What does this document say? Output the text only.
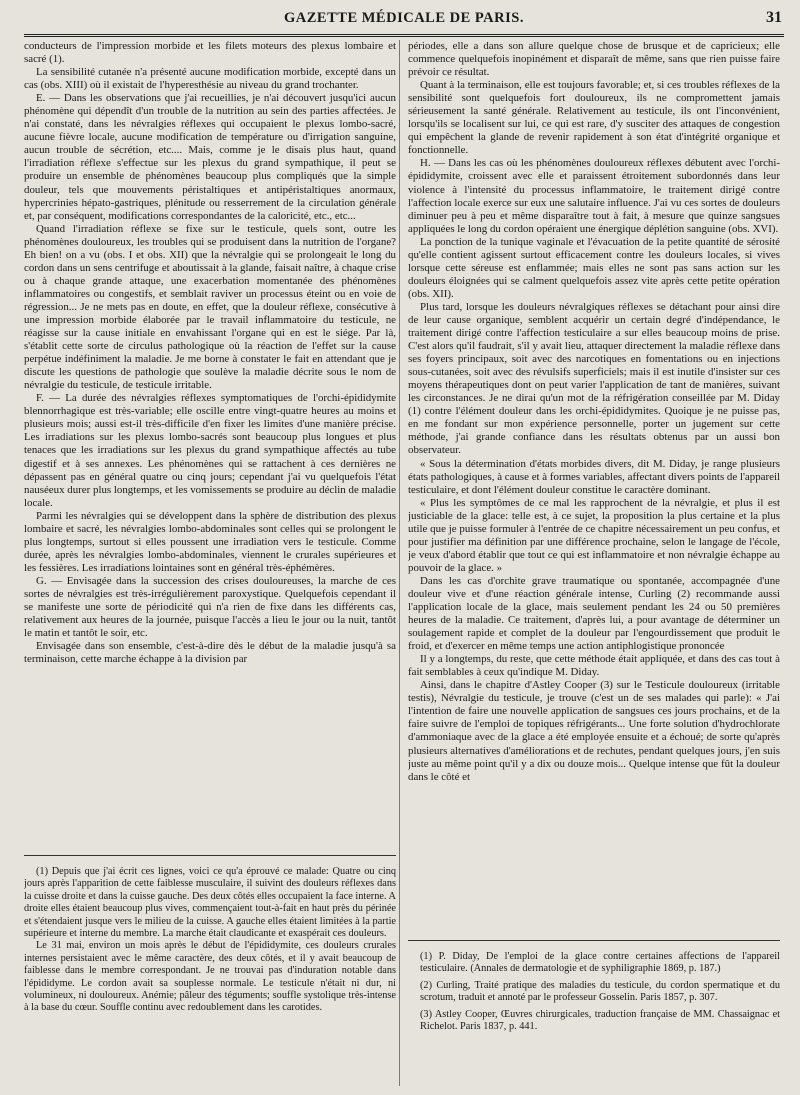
GAZETTE MÉDICALE DE PARIS.	31

conducteurs de l'impression morbide et les filets moteurs des plexus lombaire et sacré (1).

La sensibilité cutanée n'a présenté aucune modification morbide, excepté dans un cas (obs. XIII) où il existait de l'hyperesthésie au niveau du grand trochanter.

E. — Dans les observations que j'ai recueillies, je n'ai découvert jusqu'ici aucun phénomène qui dépendît d'un trouble de la nutrition au sein des parties affectées. Je n'ai constaté, dans les névralgies réflexes qui occupaient le plexus lombo-sacré, aucune fièvre locale, aucune modification de température ou d'irrigation sanguine, aucun trouble de sécrétion, etc.... Mais, comme je le disais plus haut, quand l'irradiation réflexe s'effectue sur les plexus du grand sympathique, il peut se produire un ensemble de phénomènes beaucoup plus compliqués que la simple douleur, tels que mouvements péristaltiques et antipéristaltiques anormaux, hypercrinies hépato-gastriques, plénitude ou resserrement de la circulation générale et, par conséquent, modifications correspondantes de la caloricité, etc., etc...

Quand l'irradiation réflexe se fixe sur le testicule, quels sont, outre les phénomènes douloureux, les troubles qui se produisent dans la nutrition de l'organe? Eh bien! on a vu (obs. I et obs. XII) que la névralgie qui se prolongeait le long du cordon dans un sens centrifuge et aboutissait à la glande, faisait naître, à chaque crise ou à chaque grande attaque, une exacerbation momentanée des phénomènes inflammatoires ou congestifs, et semblait raviver un processus éteint ou en voie de régression... Je ne mets pas en doute, en effet, que la douleur réflexe, consécutive à une impression morbide élaborée par le travail inflammatoire du testicule, ne réagisse sur la cause initiale en envahissant l'organe qui en est le siége. Par là, s'établit cette sorte de circulus pathologique où la réaction de l'effet sur la cause perpétue indéfiniment la maladie. Je me borne à constater le fait en attendant que je discute les questions de pathologie que soulève la maladie décrite sous le nom de névralgie du testicule, de testicule irritable.

F. — La durée des névralgies réflexes symptomatiques de l'orchi-épididymite blennorrhagique est très-variable; elle oscille entre vingt-quatre heures au moins et plusieurs mois; aussi est-il très-difficile d'en fixer les limites d'une manière précise. Les irradiations sur les plexus lombo-sacrés sont beaucoup plus longues et plus tenaces que les irradiations sur les plexus du grand sympathique affectés au tube digestif et à ses annexes. Les phénomènes qui se rattachent à ces dernières ne dépassent pas en général quatre ou cinq jours; cependant j'ai vu quelquefois l'état nauséeux durer plus longtemps, et les vomissements se produire au déclin de maladie locale.

Parmi les névralgies qui se développent dans la sphère de distribution des plexus lombaire et sacré, les névralgies lombo-abdominales sont celles qui se prolongent le plus longtemps, surtout si elles poussent une irradiation vers le testicule. Comme durée, après les névralgies lombo-abdominales, viennent le crurales supérieures et les fessières. Les irradiations lointaines sont en général très-éphémères.

G. — Envisagée dans la succession des crises douloureuses, la marche de ces sortes de névralgies est très-irrégulièrement paroxystique. Quelquefois cependant il se manifeste une sorte de périodicité qui n'a rien de fixe dans les différents cas, relativement aux heures de la journée, puisque l'accès a lieu le jour ou la nuit, tantôt le matin et tantôt le soir, etc.

Envisagée dans son ensemble, c'est-à-dire dès le début de la maladie jusqu'à sa terminaison, cette marche échappe à la division par

(1) Depuis que j'ai écrit ces lignes, voici ce qu'a éprouvé ce malade: Quatre ou cinq jours après l'apparition de cette faiblesse musculaire, il suivint des douleurs réflexes dans la cuisse droite et dans la cuisse gauche. Des deux côtés elles occupaient la face interne. A droite elles étaient beaucoup plus vives, commençaient tout-à-fait en haut près du périnée et s'étendaient jusque vers le milieu de la cuisse. A gauche elles étaient limitées à la partie supérieure et interne du membre. La marche était claudicante et exaspérait ces douleurs.

Le 31 mai, environ un mois après le début de l'épididymite, ces douleurs crurales internes persistaient avec le même caractère, des deux côtés, et il y avait beaucoup de faiblesse dans le membre correspondant. Je ne trouvai pas d'induration notable dans l'épididyme. Le cordon avait sa souplesse normale. Le testicule n'était ni dur, ni volumineux, ni douloureux. Anémie; pâleur des téguments; souffle systolique très-intense à la base du cœur. Souffle continu avec redoublement dans les carotides.

périodes, elle a dans son allure quelque chose de brusque et de capricieux; elle commence quelquefois inopinément et disparaît de même, sans que rien puisse faire prévoir ce résultat.

Quant à la terminaison, elle est toujours favorable; et, si ces troubles réflexes de la sensibilité sont quelquefois fort douloureux, ils ne compromettent jamais sérieusement la santé générale. Relativement au testicule, ils ont l'inconvénient, lorsqu'ils se localisent sur lui, ce qui est rare, d'y susciter des attaques de congestion qui empêchent la glande de revenir rapidement à son état d'intégrité organique et fonctionnelle.

H. — Dans les cas où les phénomènes douloureux réflexes débutent avec l'orchi-épididymite, croissent avec elle et paraissent étroitement subordonnés dans leur violence à l'intensité du processus inflammatoire, le traitement dirigé contre l'affection locale exerce sur eux une salutaire influence. J'ai vu ces sortes de douleurs diminuer peu à peu et même disparaître tout à fait, à mesure que quinze sangsues appliquées le long du cordon opéraient une énergique déplétion sanguine (obs. XVI).

La ponction de la tunique vaginale et l'évacuation de la petite quantité de sérosité qu'elle contient agissent surtout efficacement contre les douleurs locales, si vives lorsque cette séreuse est enflammée; mais elles ne sont pas sans action sur les douleurs éloignées qui se calment quelquefois assez vite après cette petite opération (obs. XII).

Plus tard, lorsque les douleurs névralgiques réflexes se détachant pour ainsi dire de leur cause organique, semblent acquérir un certain degré d'indépendance, le traitement dirigé contre l'affection testiculaire a sur elles beaucoup moins de prise. C'est alors qu'il faudrait, s'il y avait lieu, attaquer directement la maladie réflexe dans ses foyers principaux, soit avec des narcotiques en fomentations ou en injections sous-cutanées, soit avec des révulsifs superficiels; mais il est inutile d'insister sur ces moyens thérapeutiques dont on peut varier l'application de tant de manières, suivant les circonstances. Je ne dirai qu'un mot de la réfrigération conseillée par M. Diday (1) contre l'élément douleur dans les orchi-épididymites. Quoique je ne puisse pas, en me fondant sur mon expérience personnelle, porter un jugement sur cette méthode, j'ai grande confiance dans les résultats obtenus par un aussi bon observateur.

« Sous la détermination d'états morbides divers, dit M. Diday, je range plusieurs états pathologiques, à cause et à formes variables, affectant divers points de l'appareil testiculaire, et dont l'élément douleur constitue le caractère dominant.

« Plus les symptômes de ce mal les rapprochent de la névralgie, et plus il est justiciable de la glace: telle est, à ce sujet, la proposition la plus certaine et la plus utile que je puisse formuler à l'entrée de ce chapitre nécessairement un peu confus, et pour justifier ma définition par une différence prochaine, selon le langage de l'école, je veux d'abord établir que tout ce qui est inflammatoire et non névralgie échappe au pouvoir de la glace. »

Dans les cas d'orchite grave traumatique ou spontanée, accompagnée d'une douleur vive et d'une réaction générale intense, Curling (2) recommande aussi l'application locale de la glace, mais seulement pendant les 24 ou 50 premières heures de la maladie. Ce traitement, d'après lui, a pour avantage de déterminer un soulagement rapide et complet de la douleur par l'engourdissement que produit le froid, et d'exercer en même temps une action antiphlogistique prononcée

Il y a longtemps, du reste, que cette méthode était appliquée, et dans des cas tout à fait semblables à ceux qu'indique M. Diday.

Ainsi, dans le chapitre d'Astley Cooper (3) sur le Testicule douloureux (irritable testis), Névralgie du testicule, je trouve (c'est un de ses malades qui parle): « J'ai l'intention de faire une nouvelle application de sangsues ces jours prochains, et de la faire suivre de l'emploi de topiques réfrigérants... Une forte solution d'hydrochlorate d'ammoniaque avec de la glace a été employée ensuite et a échoué; de sorte qu'après plusieurs alternatives d'améliorations et de rechutes, pendant quelques jours, j'en suis juste au même point qu'il y a dix ou douze mois... Quelque intense que fût la douleur dans le côté et

(1) P. Diday, De l'emploi de la glace contre certaines affections de l'appareil testiculaire. (Annales de dermatologie et de syphiligraphie 1869, p. 187.)

(2) Curling, Traité pratique des maladies du testicule, du cordon spermatique et du scrotum, traduit et annoté par le professeur Gosselin. Paris 1857, p. 307.

(3) Astley Cooper, Œuvres chirurgicales, traduction française de MM. Chassaignac et Richelot. Paris 1837, p. 441.
